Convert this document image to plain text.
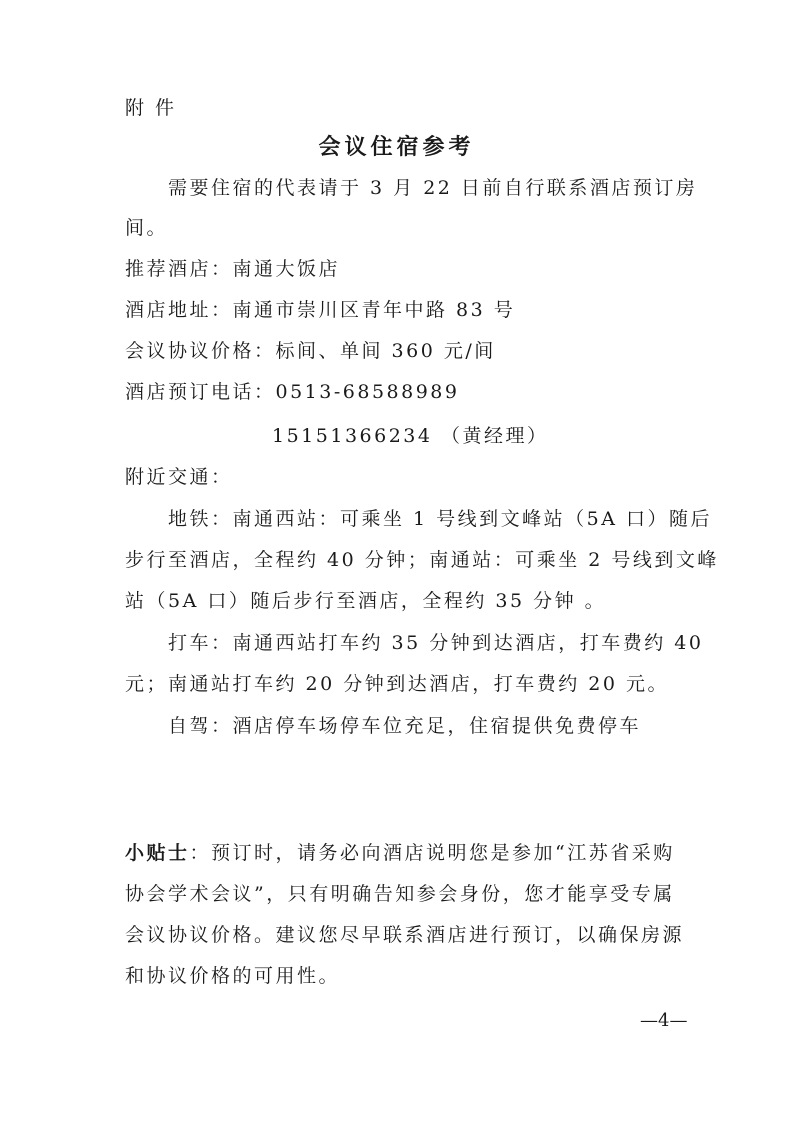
附 件
会议住宿参考
需要住宿的代表请于 3 月 22 日前自行联系酒店预订房
间。
推荐酒店：南通大饭店
酒店地址：南通市崇川区青年中路 83 号
会议协议价格：标间、单间 360 元/间
酒店预订电话：0513-68588989
15151366234 （黄经理）
附近交通：
地铁：南通西站：可乘坐 1 号线到文峰站（5A 口）随后
步行至酒店，全程约 40 分钟；南通站：可乘坐 2 号线到文峰
站（5A 口）随后步行至酒店，全程约 35 分钟 。
打车：南通西站打车约 35 分钟到达酒店，打车费约 40
元；南通站打车约 20 分钟到达酒店，打车费约 20 元。
自驾：酒店停车场停车位充足，住宿提供免费停车
小贴士：预订时，请务必向酒店说明您是参加“江苏省采购
协会学术会议”，只有明确告知参会身份，您才能享受专属
会议协议价格。建议您尽早联系酒店进行预订，以确保房源
和协议价格的可用性。
—4—
